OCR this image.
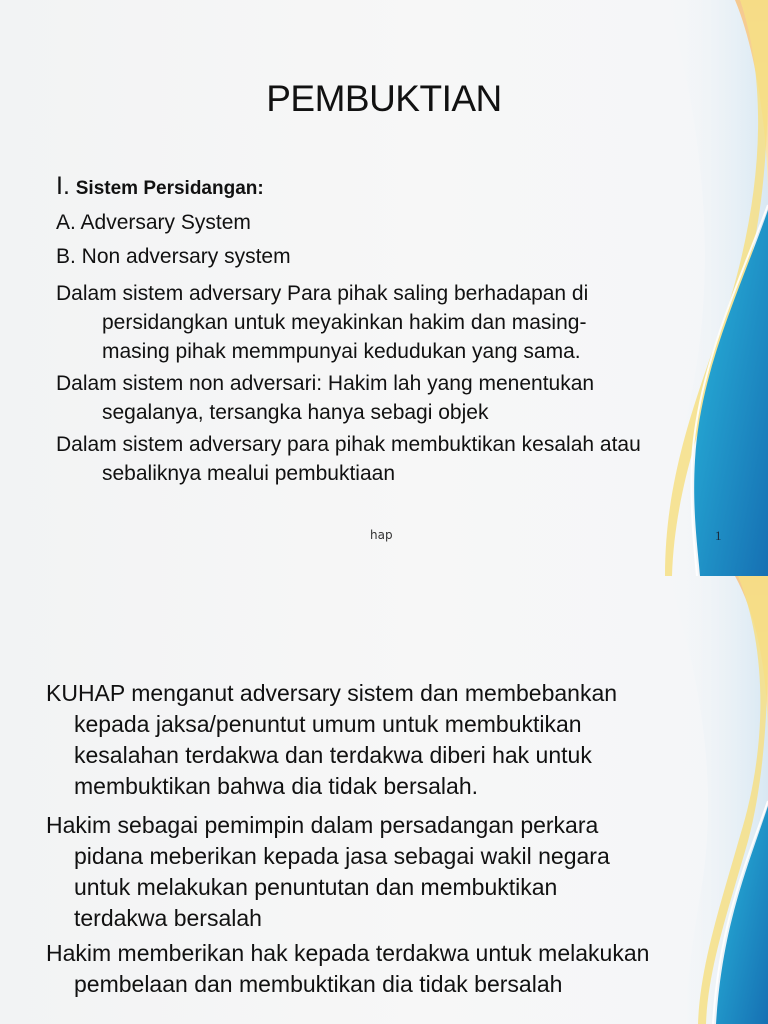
PEMBUKTIAN
I. Sistem Persidangan:
A. Adversary System
B. Non adversary system
Dalam sistem adversary Para pihak saling berhadapan di
persidangkan untuk meyakinkan hakim dan masing-
masing pihak memmpunyai kedudukan yang sama.
Dalam sistem non adversari: Hakim lah yang menentukan
segalanya, tersangka hanya sebagi objek
Dalam sistem adversary para pihak membuktikan kesalah atau
sebaliknya mealui pembuktiaan
hap	1
KUHAP menganut adversary sistem dan membebankan
kepada jaksa/penuntut umum untuk membuktikan
kesalahan terdakwa dan terdakwa diberi hak untuk
membuktikan bahwa dia tidak bersalah.
Hakim sebagai pemimpin dalam persadangan perkara
pidana meberikan kepada jasa sebagai wakil negara
untuk melakukan penuntutan dan membuktikan
terdakwa bersalah
Hakim memberikan hak kepada terdakwa untuk melakukan
pembelaan dan membuktikan dia tidak bersalah
